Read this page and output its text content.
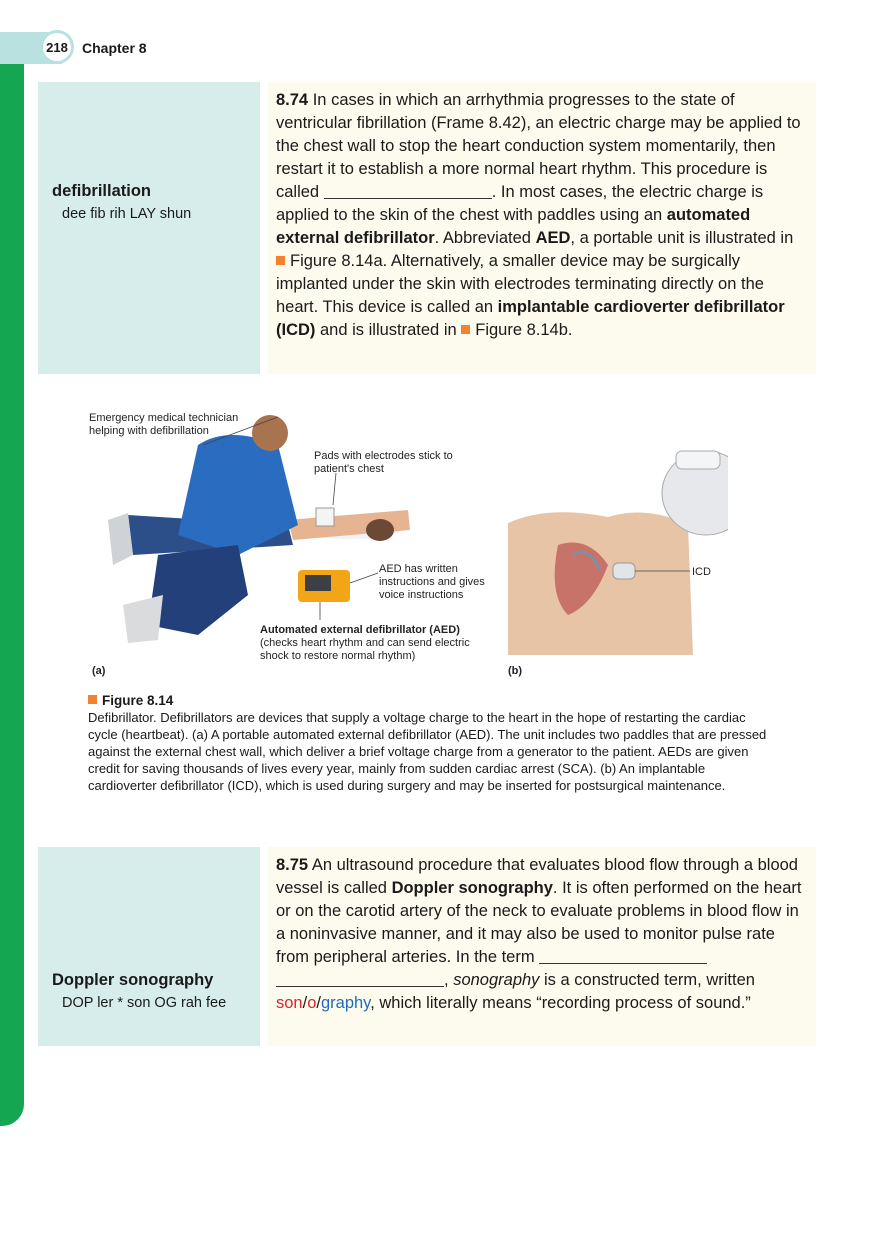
218	Chapter 8
defibrillation
dee fib rih LAY shun
8.74 In cases in which an arrhythmia progresses to the state of ventricular fibrillation (Frame 8.42), an electric charge may be applied to the chest wall to stop the heart conduction system momentarily, then restart it to establish a more normal heart rhythm. This procedure is called	. In most cases, the electric charge is applied to the skin of the chest with paddles using an automated external defibrillator. Abbreviated AED, a portable unit is illustrated in Figure 8.14a. Alternatively, a smaller device may be surgically implanted under the skin with electrodes terminating directly on the heart. This device is called an implantable cardioverter defibrillator (ICD) and is illustrated in Figure 8.14b.
Emergency medical technician helping with defibrillation
Pads with electrodes stick to patient's chest
AED has written instructions and gives voice instructions
Automated external defibrillator (AED)
(checks heart rhythm and can send electric shock to restore normal rhythm)
ICD
(a)	(b)
Figure 8.14
Defibrillator. Defibrillators are devices that supply a voltage charge to the heart in the hope of restarting the cardiac cycle (heartbeat). (a) A portable automated external defibrillator (AED). The unit includes two paddles that are pressed against the external chest wall, which deliver a brief voltage charge from a generator to the patient. AEDs are given credit for saving thousands of lives every year, mainly from sudden cardiac arrest (SCA). (b) An implantable cardioverter defibrillator (ICD), which is used during surgery and may be inserted for postsurgical maintenance.
Doppler sonography
DOP ler * son OG rah fee
8.75 An ultrasound procedure that evaluates blood flow through a blood vessel is called Doppler sonography. It is often performed on the heart or on the carotid artery of the neck to evaluate problems in blood flow in a noninvasive manner, and it may also be used to monitor pulse rate from peripheral arteries. In the term , sonography is a constructed term, written son/o/graphy, which literally means “recording process of sound.”
